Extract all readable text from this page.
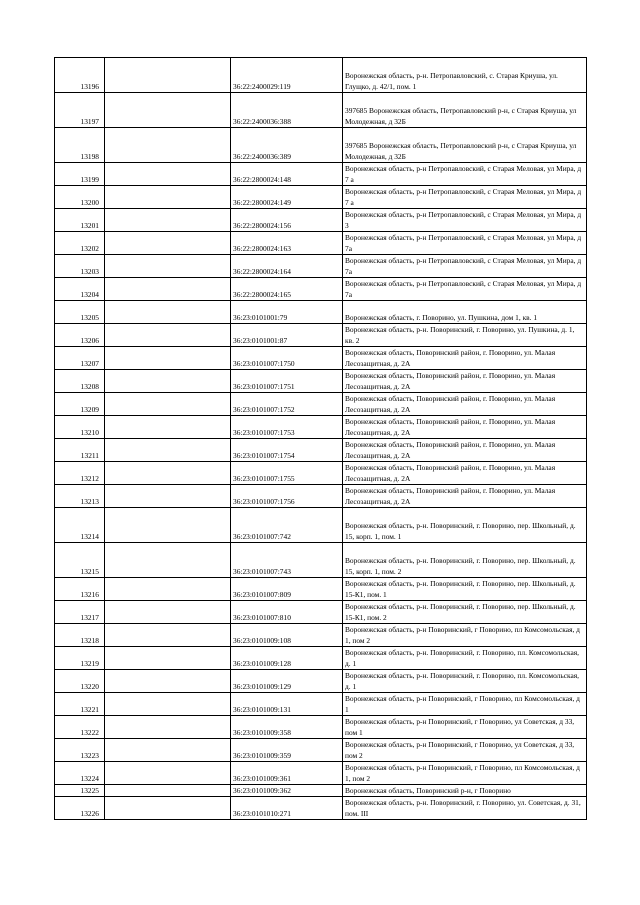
13196		36:22:2400029:119	Воронежская область, р-н. Петропавловский, с. Старая Криуша, ул. Глущко, д. 42/1, пом. 1
13197		36:22:2400036:388	397685 Воронежская область, Петропавловский р-н, с Старая Криуша, ул Молодежная, д 32Б
13198		36:22:2400036:389	397685 Воронежская область, Петропавловский р-н, с Старая Криуша, ул Молодежная, д 32Б
13199		36:22:2800024:148	Воронежская область, р-н Петропавловский, с Старая Меловая, ул Мира, д 7 а
13200		36:22:2800024:149	Воронежская область, р-н Петропавловский, с Старая Меловая, ул Мира, д 7 а
13201		36:22:2800024:156	Воронежская область, р-н Петропавловский, с Старая Меловая, ул Мира, д 3
13202		36:22:2800024:163	Воронежская область, р-н Петропавловский, с Старая Меловая, ул Мира, д 7а
13203		36:22:2800024:164	Воронежская область, р-н Петропавловский, с Старая Меловая, ул Мира, д 7а
13204		36:22:2800024:165	Воронежская область, р-н Петропавловский, с Старая Меловая, ул Мира, д 7а
13205		36:23:0101001:79	Воронежская область, г. Поворино, ул. Пушкина, дом 1, кв. 1
13206		36:23:0101001:87	Воронежская область, р-н. Поворинский, г. Поворино, ул. Пушкина, д. 1, кв. 2
13207		36:23:0101007:1750	Воронежская область, Поворинский район, г. Поворино, ул. Малая Лесозащитная, д. 2А
13208		36:23:0101007:1751	Воронежская область, Поворинский район, г. Поворино, ул. Малая Лесозащитная, д. 2А
13209		36:23:0101007:1752	Воронежская область, Поворинский район, г. Поворино, ул. Малая Лесозащитная, д. 2А
13210		36:23:0101007:1753	Воронежская область, Поворинский район, г. Поворино, ул. Малая Лесозащитная, д. 2А
13211		36:23:0101007:1754	Воронежская область, Поворинский район, г. Поворино, ул. Малая Лесозащитная, д. 2А
13212		36:23:0101007:1755	Воронежская область, Поворинский район, г. Поворино, ул. Малая Лесозащитная, д. 2А
13213		36:23:0101007:1756	Воронежская область, Поворинский район, г. Поворино, ул. Малая Лесозащитная, д. 2А
13214		36:23:0101007:742	Воронежская область, р-н. Поворинский, г. Поворино, пер. Школьный, д. 15, корп. 1, пом. 1
13215		36:23:0101007:743	Воронежская область, р-н. Поворинский, г. Поворино, пер. Школьный, д. 15, корп. 1, пом. 2
13216		36:23:0101007:809	Воронежская область, р-н. Поворинский, г. Поворино, пер. Школьный, д. 15-К1, пом. 1
13217		36:23:0101007:810	Воронежская область, р-н. Поворинский, г. Поворино, пер. Школьный, д. 15-К1, пом. 2
13218		36:23:0101009:108	Воронежская область, р-н Поворинский, г Поворино, пл Комсомольская, д 1, пом 2
13219		36:23:0101009:128	Воронежская область, р-н. Поворинский, г. Поворино, пл. Комсомольская, д. 1
13220		36:23:0101009:129	Воронежская область, р-н. Поворинский, г. Поворино, пл. Комсомольская, д. 1
13221		36:23:0101009:131	Воронежская область, р-н Поворинский, г Поворино, пл Комсомольская, д 1
13222		36:23:0101009:358	Воронежская область, р-н Поворинский, г Поворино, ул Советская, д 33, пом 1
13223		36:23:0101009:359	Воронежская область, р-н Поворинский, г Поворино, ул Советская, д 33, пом 2
13224		36:23:0101009:361	Воронежская область, р-н Поворинский, г Поворино, пл Комсомольская, д 1, пом 2
13225		36:23:0101009:362	Воронежская область, Поворинский р-н, г Поворино
13226		36:23:0101010:271	Воронежская область, р-н. Поворинский, г. Поворино, ул. Советская, д. 31, пом. III
